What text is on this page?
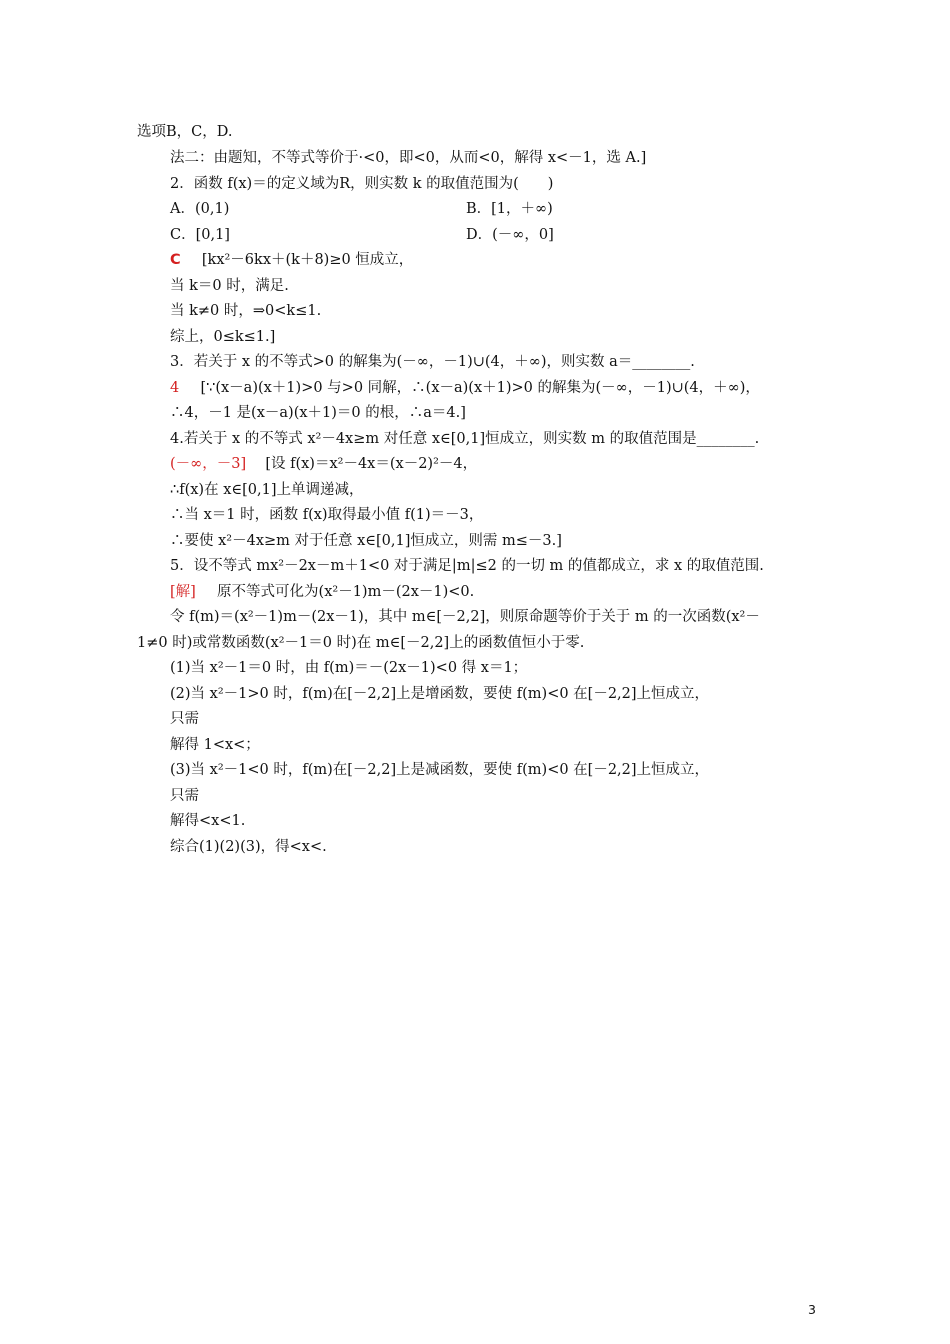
选项B，C，D.
法二：由题知，不等式等价于·<0，即<0，从而<0，解得 x<－1，选 A.]
2．函数 f(x)＝的定义域为R，则实数 k 的取值范围为(　　)
A．(0,1)	B．[1，＋∞)
C．[0,1]	D．(－∞，0]
C [kx²－6kx＋(k＋8)≥0 恒成立，
当 k＝0 时，满足.
当 k≠0 时，⇒0<k≤1.
综上，0≤k≤1.]
3．若关于 x 的不等式>0 的解集为(－∞，－1)∪(4，＋∞)，则实数 a＝________.
4 [∵(x－a)(x＋1)>0 与>0 同解，∴(x－a)(x＋1)>0 的解集为(－∞，－1)∪(4，＋∞)，
∴4，－1 是(x－a)(x＋1)＝0 的根，∴a＝4.]
4.若关于 x 的不等式 x²－4x≥m 对任意 x∈[0,1]恒成立，则实数 m 的取值范围是________.
(－∞，－3] [设 f(x)＝x²－4x＝(x－2)²－4，
∴f(x)在 x∈[0,1]上单调递减，
∴当 x＝1 时，函数 f(x)取得最小值 f(1)＝－3，
∴要使 x²－4x≥m 对于任意 x∈[0,1]恒成立，则需 m≤－3.]
5．设不等式 mx²－2x－m＋1<0 对于满足|m|≤2 的一切 m 的值都成立，求 x 的取值范围.
[解] 原不等式可化为(x²－1)m－(2x－1)<0.
令 f(m)＝(x²－1)m－(2x－1)，其中 m∈[－2,2]，则原命题等价于关于 m 的一次函数(x²－
1≠0 时)或常数函数(x²－1＝0 时)在 m∈[－2,2]上的函数值恒小于零.
(1)当 x²－1＝0 时，由 f(m)＝－(2x－1)<0 得 x＝1；
(2)当 x²－1>0 时，f(m)在[－2,2]上是增函数，要使 f(m)<0 在[－2,2]上恒成立，
只需
解得 1<x<；
(3)当 x²－1<0 时，f(m)在[－2,2]上是减函数，要使 f(m)<0 在[－2,2]上恒成立，
只需
解得<x<1.
综合(1)(2)(3)，得<x<.
3
